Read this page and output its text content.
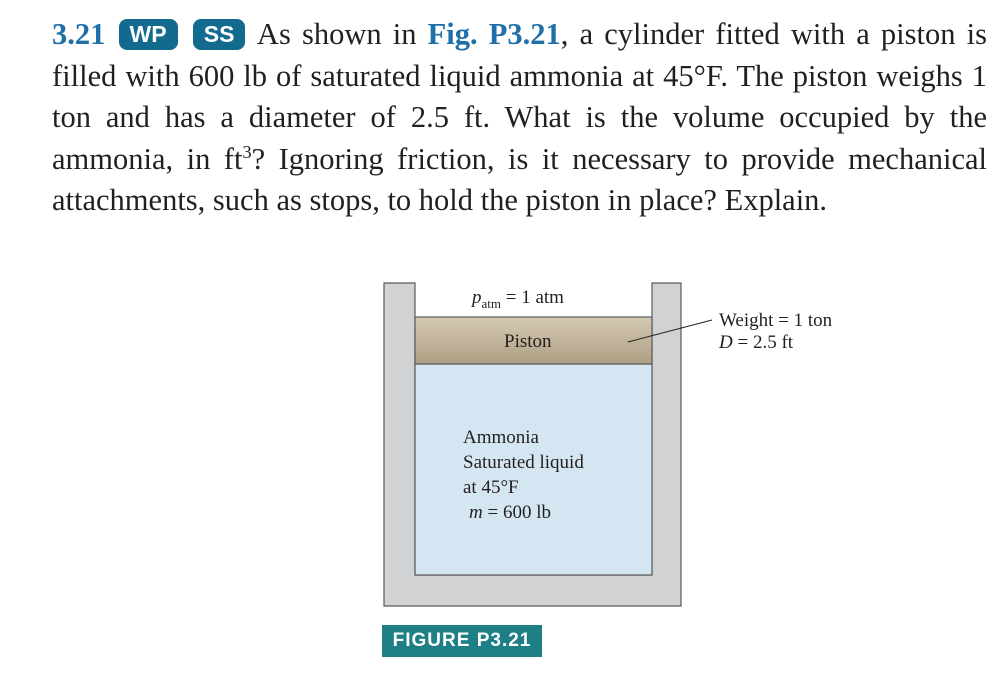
3.21 WP SS As shown in Fig. P3.21, a cylinder fitted with a piston is filled with 600 lb of saturated liquid ammonia at 45°F. The piston weighs 1 ton and has a diameter of 2.5 ft. What is the volume occupied by the ammonia, in $ft^3$? Ignoring friction, is it necessary to provide mechanical attachments, such as stops, to hold the piston in place? Explain.
$p_{atm} = 1$ atm
Piston
Weight = 1 ton
D = 2.5 ft
Ammonia
Saturated liquid
at 45°F
m = 600 lb
FIGURE P3.21
